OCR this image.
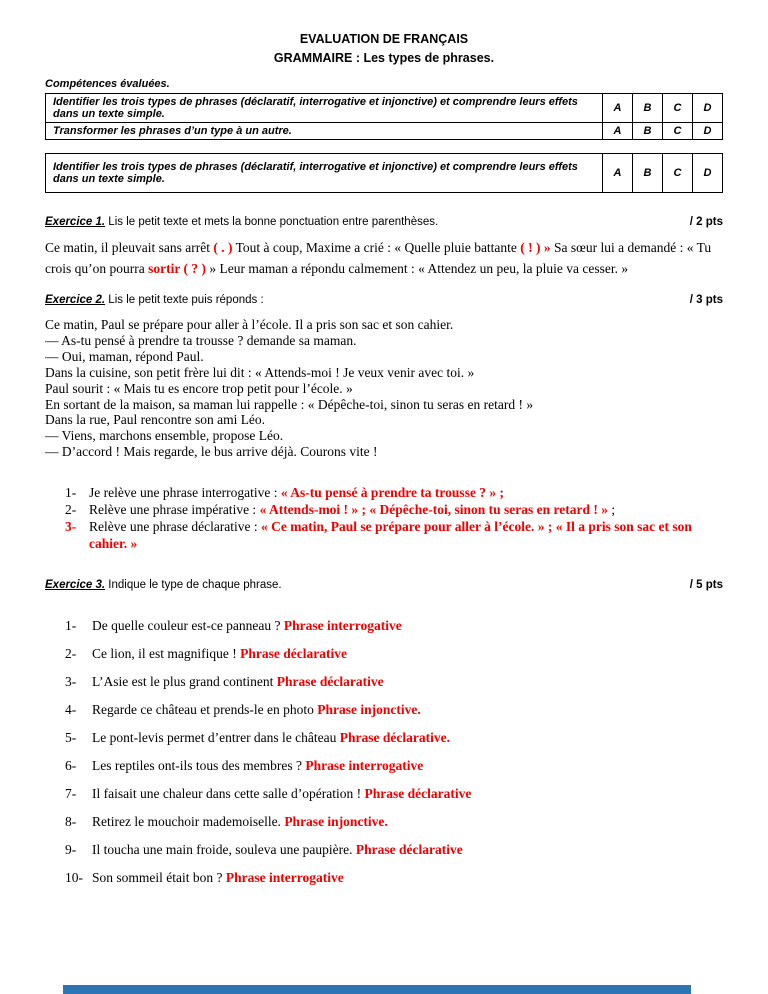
EVALUATION DE FRANÇAIS
GRAMMAIRE : Les types de phrases.
Compétences évaluées.
Identifier les trois types de phrases (déclaratif, interrogative et injonctive) et comprendre leurs effets dans un texte simple.	A	B	C	D
Transformer les phrases d’un type à un autre.	A	B	C	D
Identifier les trois types de phrases (déclaratif, interrogative et injonctive) et comprendre leurs effets dans un texte simple.	A	B	C	D
Exercice 1. Lis le petit texte et mets la bonne ponctuation entre parenthèses.	/ 2 pts
Ce matin, il pleuvait sans arrêt ( . ) Tout à coup, Maxime a crié : « Quelle pluie battante ( ! ) » Sa sœur lui a demandé : « Tu crois qu’on pourra sortir ( ? ) » Leur maman a répondu calmement : « Attendez un peu, la pluie va cesser. »
Exercice 2. Lis le petit texte puis réponds :	/ 3 pts
Ce matin, Paul se prépare pour aller à l’école. Il a pris son sac et son cahier.
— As-tu pensé à prendre ta trousse ? demande sa maman.
— Oui, maman, répond Paul.
Dans la cuisine, son petit frère lui dit : « Attends-moi ! Je veux venir avec toi. »
Paul sourit : « Mais tu es encore trop petit pour l’école. »
En sortant de la maison, sa maman lui rappelle : « Dépêche-toi, sinon tu seras en retard ! »
Dans la rue, Paul rencontre son ami Léo.
— Viens, marchons ensemble, propose Léo.
— D’accord ! Mais regarde, le bus arrive déjà. Courons vite !
1- Je relève une phrase interrogative : « As-tu pensé à prendre ta trousse ? » ;
2- Relève une phrase impérative : « Attends-moi ! » ; « Dépêche-toi, sinon tu seras en retard ! » ;
3- Relève une phrase déclarative : « Ce matin, Paul se prépare pour aller à l’école. » ; « Il a pris son sac et son cahier. »
Exercice 3. Indique le type de chaque phrase.	/ 5 pts
1-	De quelle couleur est-ce panneau ? Phrase interrogative
2-	Ce lion, il est magnifique ! Phrase déclarative
3-	L’Asie est le plus grand continent Phrase déclarative
4-	Regarde ce château et prends-le en photo Phrase injonctive.
5-	Le pont-levis permet d’entrer dans le château Phrase déclarative.
6-	Les reptiles ont-ils tous des membres ? Phrase interrogative
7-	Il faisait une chaleur dans cette salle d’opération ! Phrase déclarative
8-	Retirez le mouchoir mademoiselle. Phrase injonctive.
9-	Il toucha une main froide, souleva une paupière. Phrase déclarative
10- Son sommeil était bon ? Phrase interrogative
